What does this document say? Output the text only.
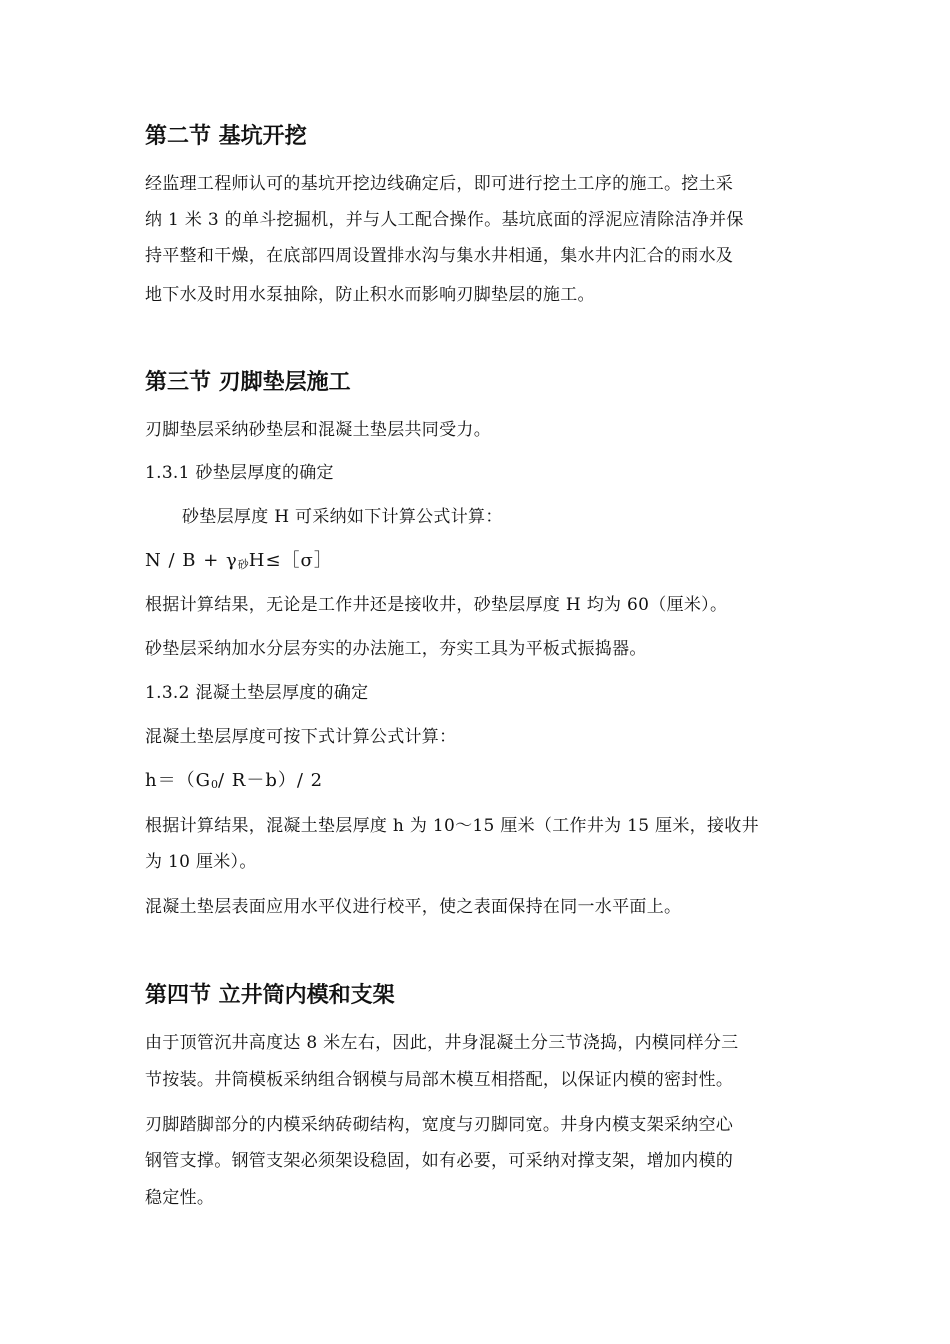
第二节 基坑开挖
经监理工程师认可的基坑开挖边线确定后，即可进行挖土工序的施工。挖土采
纳 1 米 3 的单斗挖掘机，并与人工配合操作。基坑底面的浮泥应清除洁净并保
持平整和干燥，在底部四周设置排水沟与集水井相通，集水井内汇合的雨水及
地下水及时用水泵抽除，防止积水而影响刃脚垫层的施工。
第三节 刃脚垫层施工
刃脚垫层采纳砂垫层和混凝土垫层共同受力。
1.3.1 砂垫层厚度的确定
砂垫层厚度 H 可采纳如下计算公式计算：
N / B + γ砂H≤［σ］
根据计算结果，无论是工作井还是接收井，砂垫层厚度 H 均为 60（厘米）。
砂垫层采纳加水分层夯实的办法施工，夯实工具为平板式振捣器。
1.3.2 混凝土垫层厚度的确定
混凝土垫层厚度可按下式计算公式计算：
h＝（G0/ R－b）/ 2
根据计算结果，混凝土垫层厚度 h 为 10～15 厘米（工作井为 15 厘米，接收井
为 10 厘米）。
混凝土垫层表面应用水平仪进行校平，使之表面保持在同一水平面上。
第四节 立井筒内模和支架
由于顶管沉井高度达 8 米左右，因此，井身混凝土分三节浇捣，内模同样分三
节按装。井筒模板采纳组合钢模与局部木模互相搭配，以保证内模的密封性。
刃脚踏脚部分的内模采纳砖砌结构，宽度与刃脚同宽。井身内模支架采纳空心
钢管支撑。钢管支架必须架设稳固，如有必要，可采纳对撑支架，增加内模的
稳定性。
